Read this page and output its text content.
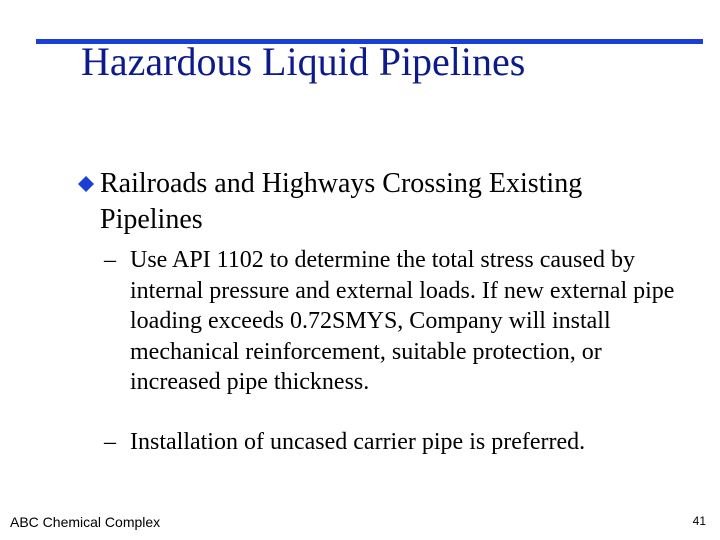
Hazardous Liquid Pipelines
Railroads and Highways Crossing Existing Pipelines
– Use API 1102 to determine the total stress caused by internal pressure and external loads. If new external pipe loading exceeds 0.72SMYS, Company will install mechanical reinforcement, suitable protection, or increased pipe thickness.
– Installation of uncased carrier pipe is preferred.
ABC Chemical Complex	41
